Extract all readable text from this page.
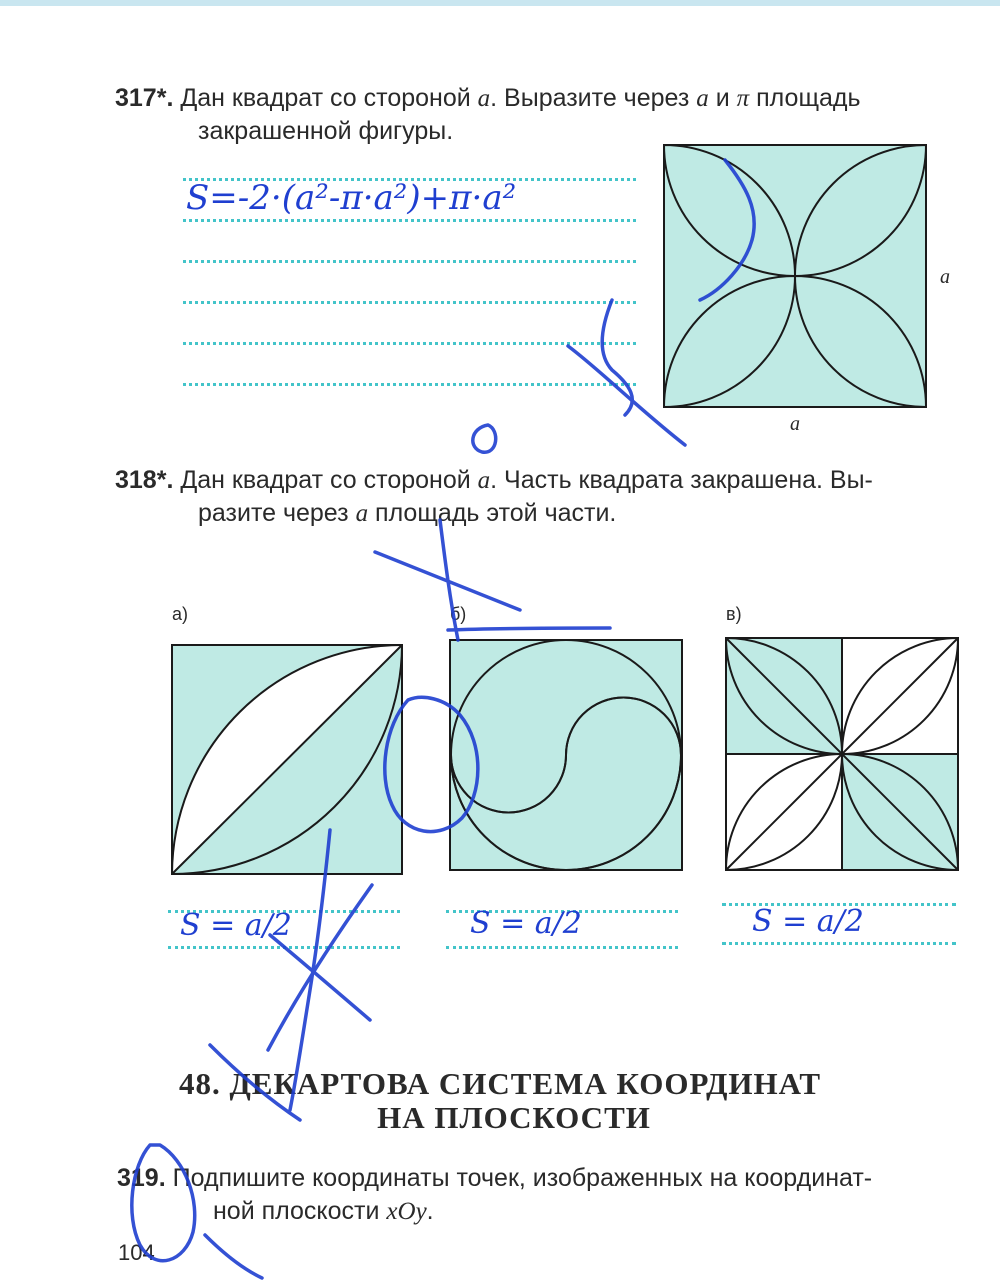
317*. Дан квадрат со стороной a. Выразите через a и π площадь
закрашенной фигуры.
S=-2·(a²-π·a²)+π·a²
a
a
318*. Дан квадрат со стороной a. Часть квадрата закрашена. Вы-
разите через a площадь этой части.
а)	б)	в)
S = a/2	S = a/2	S = a/2
48. ДЕКАРТОВА СИСТЕМА КООРДИНАТ
НА ПЛОСКОСТИ
319. Подпишите координаты точек, изображенных на координат-
ной плоскости xOy.
104
